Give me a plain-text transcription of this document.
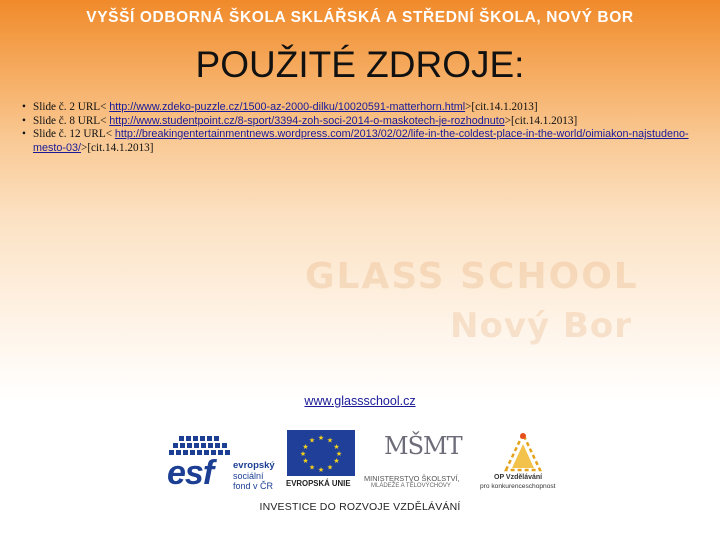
VYŠŠÍ ODBORNÁ ŠKOLA SKLÁŘSKÁ A STŘEDNÍ ŠKOLA, NOVÝ BOR
POUŽITÉ ZDROJE:
GLASS SCHOOL
Nový Bor
• Slide č. 2 URL< http://www.zdeko-puzzle.cz/1500-az-2000-dilku/10020591-matterhorn.html>[cit.14.1.2013]
• Slide č. 8 URL< http://www.studentpoint.cz/8-sport/3394-zoh-soci-2014-o-maskotech-je-rozhodnuto>[cit.14.1.2013]
• Slide č. 12 URL< http://breakingentertainmentnews.wordpress.com/2013/02/02/life-in-the-coldest-place-in-the-world/oimiakon-najstudeno-mesto-03/>[cit.14.1.2013]
www.glassschool.cz
esf evropský
sociální
fond v ČR
★ ★
★
★
★
★
★
★
★
★
★
★
EVROPSKÁ UNIE
MŠMT
MINISTERSTVO ŠKOLSTVÍ,
MLÁDEŽE A TĚLOVÝCHOVY
OP Vzdělávání
pro konkurenceschopnost
INVESTICE DO ROZVOJE VZDĚLÁVÁNÍ
